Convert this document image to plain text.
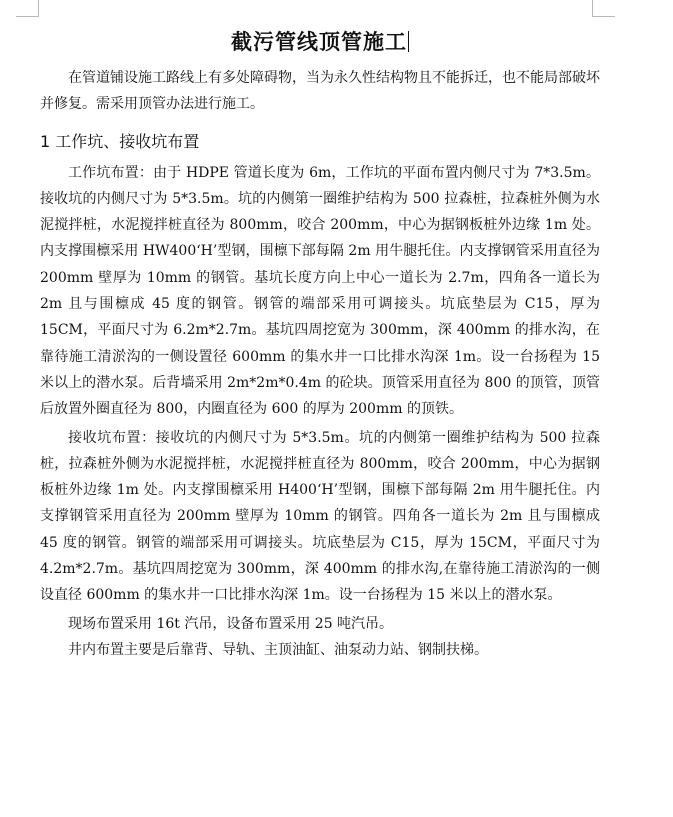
截污管线顶管施工

在管道铺设施工路线上有多处障碍物，当为永久性结构物且不能拆迁，也不能局部破坏并修复。需采用顶管办法进行施工。

1 工作坑、接收坑布置

工作坑布置：由于 HDPE 管道长度为 6m，工作坑的平面布置内侧尺寸为 7*3.5m。接收坑的内侧尺寸为 5*3.5m。坑的内侧第一圈维护结构为 500 拉森桩，拉森桩外侧为水泥搅拌桩，水泥搅拌桩直径为 800mm，咬合 200mm，中心为据钢板桩外边缘 1m 处。内支撑围檩采用 HW400‘H’型钢，围檩下部每隔 2m 用牛腿托住。内支撑钢管采用直径为 200mm 壁厚为 10mm 的钢管。基坑长度方向上中心一道长为 2.7m，四角各一道长为 2m 且与围檩成 45 度的钢管。钢管的端部采用可调接头。坑底垫层为 C15，厚为 15CM，平面尺寸为 6.2m*2.7m。基坑四周挖宽为 300mm，深 400mm 的排水沟，在靠待施工清淤沟的一侧设置径 600mm 的集水井一口比排水沟深 1m。设一台扬程为 15 米以上的潜水泵。后背墙采用 2m*2m*0.4m 的砼块。顶管采用直径为 800 的顶管，顶管后放置外圈直径为 800，内圈直径为 600 的厚为 200mm 的顶铁。

接收坑布置：接收坑的内侧尺寸为 5*3.5m。坑的内侧第一圈维护结构为 500 拉森桩，拉森桩外侧为水泥搅拌桩，水泥搅拌桩直径为 800mm，咬合 200mm，中心为据钢板桩外边缘 1m 处。内支撑围檩采用 H400‘H’型钢，围檩下部每隔 2m 用牛腿托住。内支撑钢管采用直径为 200mm 壁厚为 10mm 的钢管。四角各一道长为 2m 且与围檩成 45 度的钢管。钢管的端部采用可调接头。坑底垫层为 C15，厚为 15CM，平面尺寸为 4.2m*2.7m。基坑四周挖宽为 300mm，深 400mm 的排水沟,在靠待施工清淤沟的一侧设直径 600mm 的集水井一口比排水沟深 1m。设一台扬程为 15 米以上的潜水泵。

现场布置采用 16t 汽吊，设备布置采用 25 吨汽吊。

井内布置主要是后靠背、导轨、主顶油缸、油泵动力站、钢制扶梯。
